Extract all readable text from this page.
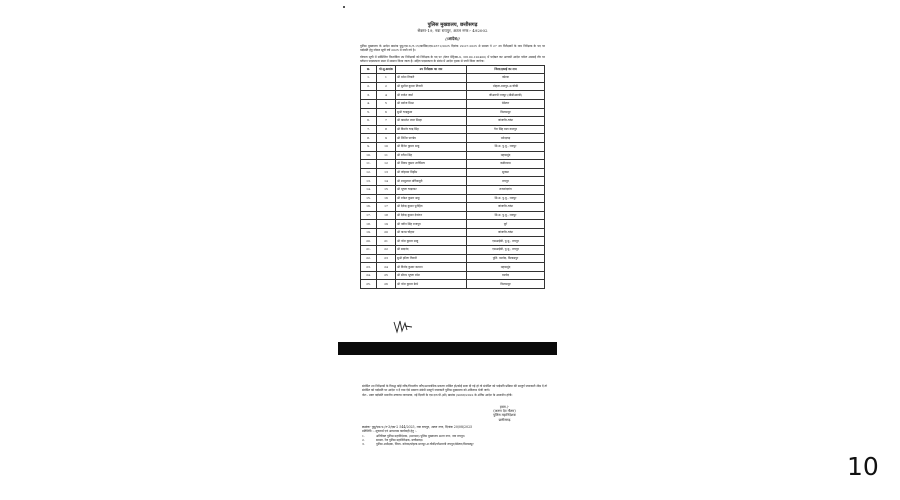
पुलिस मुख्यालय, छत्तीसगढ़
सेक्टर-19, नवा रायपुर, अटल नगर:- 492002
//आदेश//
पुलिस मुख्यालय के आदेश क्रमांक पुमु/एस.प./न-15/कार्मिक/एस-2671/2025 दिनांक 29.07.2025 से समस्त पे 27 उप निरीक्षकों के नाम निरीक्षक के पद पर पदोन्नति हेतु जोनल सूची वर्ष 2025 में जारी गये है।
योग्यता सूची में सम्मिलित निम्नांकित उप निरीक्षकों को निरीक्षक के पद पर (वेतन मैट्रिक्स-9, 38100-120400) में पदोन्नत कर आगामी आदेश पर्यन्त अस्थाई तौर पर वर्तमान पदस्थापना स्थल में सम्मान किया जाता है। सहित पदस्थापना के संबंध में आदेश पृथक से जारी किया जावेगा।
क्र.	यो.सू.क्रमांक	उप निरीक्षक का नाम	जिला/इकाई का नाम
1.	1	श्री धनेश तिवारी	कोरबा
2.	2	श्री सुशील कुमार तिवारी	मोहला-मानपुर-अ.चौकी
3.	4	श्री राजेश जर्मा	जीआरपी रायपुर (सीसीआरबी)
4.	5	श्री मनोज मिश्रा	बेमेतरा
5.	6	सुश्री चन्द्रकुमा	बिलासपुर
6.	7	श्री कमलेश लाल सिन्हा	जांजगीर-चांपा
7.	8	श्री किशोर चन्द्र सिंह	गैरा सिंह बाल वालपुर
8.	9	श्री शिशिर पाण्डेय	मनेन्द्रगढ़
9.	10	श्री दिनेश कुमार साहू	सि.स. पु.मु., रायपुर
10.	11	श्री रतीश सिंह	महासमुंद
11.	12	श्री शिवम कुमार शाण्डिल्य	कबीरधाम
12.	13	श्री जोहरमा मिर्होस	सुकमा
13.	14	श्री शम्भुलाल मणिकपुरी	रायपुर
14.	15	श्री भूषण चन्द्राकर	राजनांदगांव
15.	16	श्री राकेश कुमार साहू	सि.स. पु.मु., रायपुर
16.	17	श्री देवेन्द्र कुमार पुरोहित	जांजगीर-चांपा
17.	18	श्री देवेन्द्र कुमार देवांगन	सि.स. पु.मु., रायपुर
18.	19	श्री नवीन सिंह राजपूत	दुर्ग
19.	20	श्री पारस चौहान	जांजगीर-चांपा
20.	21	श्री नरेश कुमार साहू	एसआईबी, पु.मु., रायपुर
21.	22	श्री सदानंद	एसआईबी, पु.मु., रायपुर
22.	23	सुश्री हरिता तिवारी	पुलि. बालोद, बिलासपुर
23.	24	श्री विनोद कुमार कलशा	महासमुंद
24.	25	श्री सौरभ भूषण रमेश	बालोद
25.	26	श्री नरेश कुमार डेम्पे	बिलासपुर
संबंधित उप निरीक्षकों के विरुद्ध कोई जाँच/विभागीय जाँच/आपराधिक प्रकरण लम्बित हो/कोई सजा दी गई हो तो संबंधित को पदोन्नति प्रक्रिया की सम्पूर्ण जानकारी शीघ्र दें तो संबंधित को पदोन्नति पर आदेश न दें तथा ऐसे प्रकरण संबंधी सम्पूर्ण जानकारी पुलिस मुख्यालय को अविलम्ब भेजी जावे।
नोट:- उक्त पदोन्नति माननीय उच्चतम न्यायालय, नई दिल्ली के एस.एल.पी.(सी) क्रमांक (9068/2022 के अंतिम आदेश के अध्यधीन होगी।
हस्ता./-
(अरुण देव गौतम)
पुलिस महानिदेशक
छत्तीसगढ़
क्रमांक- पुमु/एस.प./न-3/एस-2 544/2025, नवा रायपुर, अटल नगर, दिनांक 20/08/2025
प्रतिलिपि :- सूचनार्थ एवं आवश्यक कार्यवाही हेतु :-
1.	अतिरिक्त पुलिस महानिदेशक, (प्रशासन) पुलिस मुख्यालय अटल नगर, नवा रायपुर।
2.	समस्त, रेंज पुलिस महानिरीक्षक, छत्तीसगढ़।
3.	पुलिस अधीक्षक, जिला- कोरबा/मोहला-मानपुर-अ.चौकी/जीआरपी रायपुर/बेमेतरा/बिलासपुर
10
